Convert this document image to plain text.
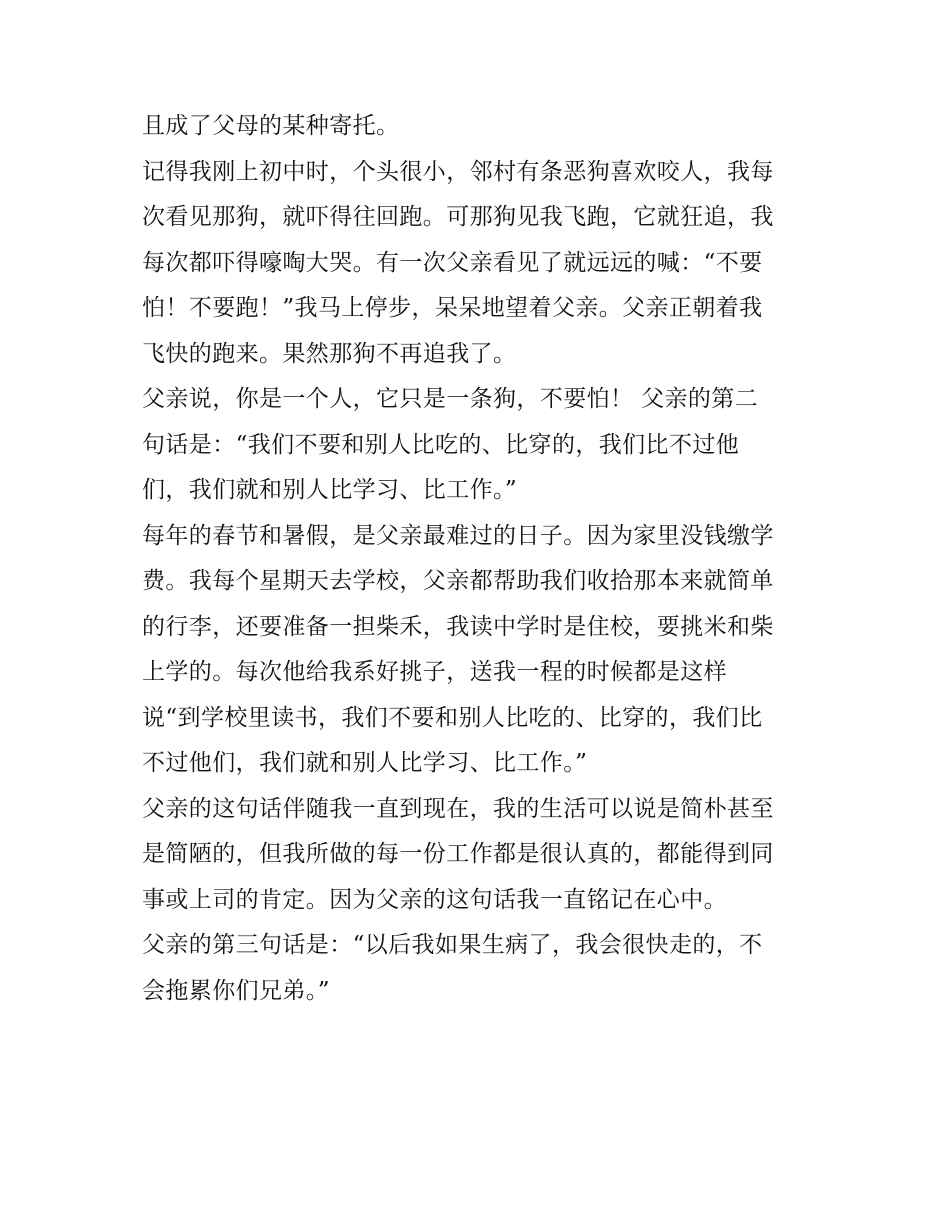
且成了父母的某种寄托。
记得我刚上初中时，个头很小，邻村有条恶狗喜欢咬人，我每
次看见那狗，就吓得往回跑。可那狗见我飞跑，它就狂追，我
每次都吓得嚎啕大哭。有一次父亲看见了就远远的喊：“不要
怕！不要跑！”我马上停步，呆呆地望着父亲。父亲正朝着我
飞快的跑来。果然那狗不再追我了。
父亲说，你是一个人，它只是一条狗，不要怕！ 父亲的第二
句话是：“我们不要和别人比吃的、比穿的，我们比不过他
们，我们就和别人比学习、比工作。”
每年的春节和暑假，是父亲最难过的日子。因为家里没钱缴学
费。我每个星期天去学校，父亲都帮助我们收拾那本来就简单
的行李，还要准备一担柴禾，我读中学时是住校，要挑米和柴
上学的。每次他给我系好挑子，送我一程的时候都是这样
说“到学校里读书，我们不要和别人比吃的、比穿的，我们比
不过他们，我们就和别人比学习、比工作。”
父亲的这句话伴随我一直到现在，我的生活可以说是简朴甚至
是简陋的，但我所做的每一份工作都是很认真的，都能得到同
事或上司的肯定。因为父亲的这句话我一直铭记在心中。
父亲的第三句话是：“以后我如果生病了，我会很快走的，不
会拖累你们兄弟。”
